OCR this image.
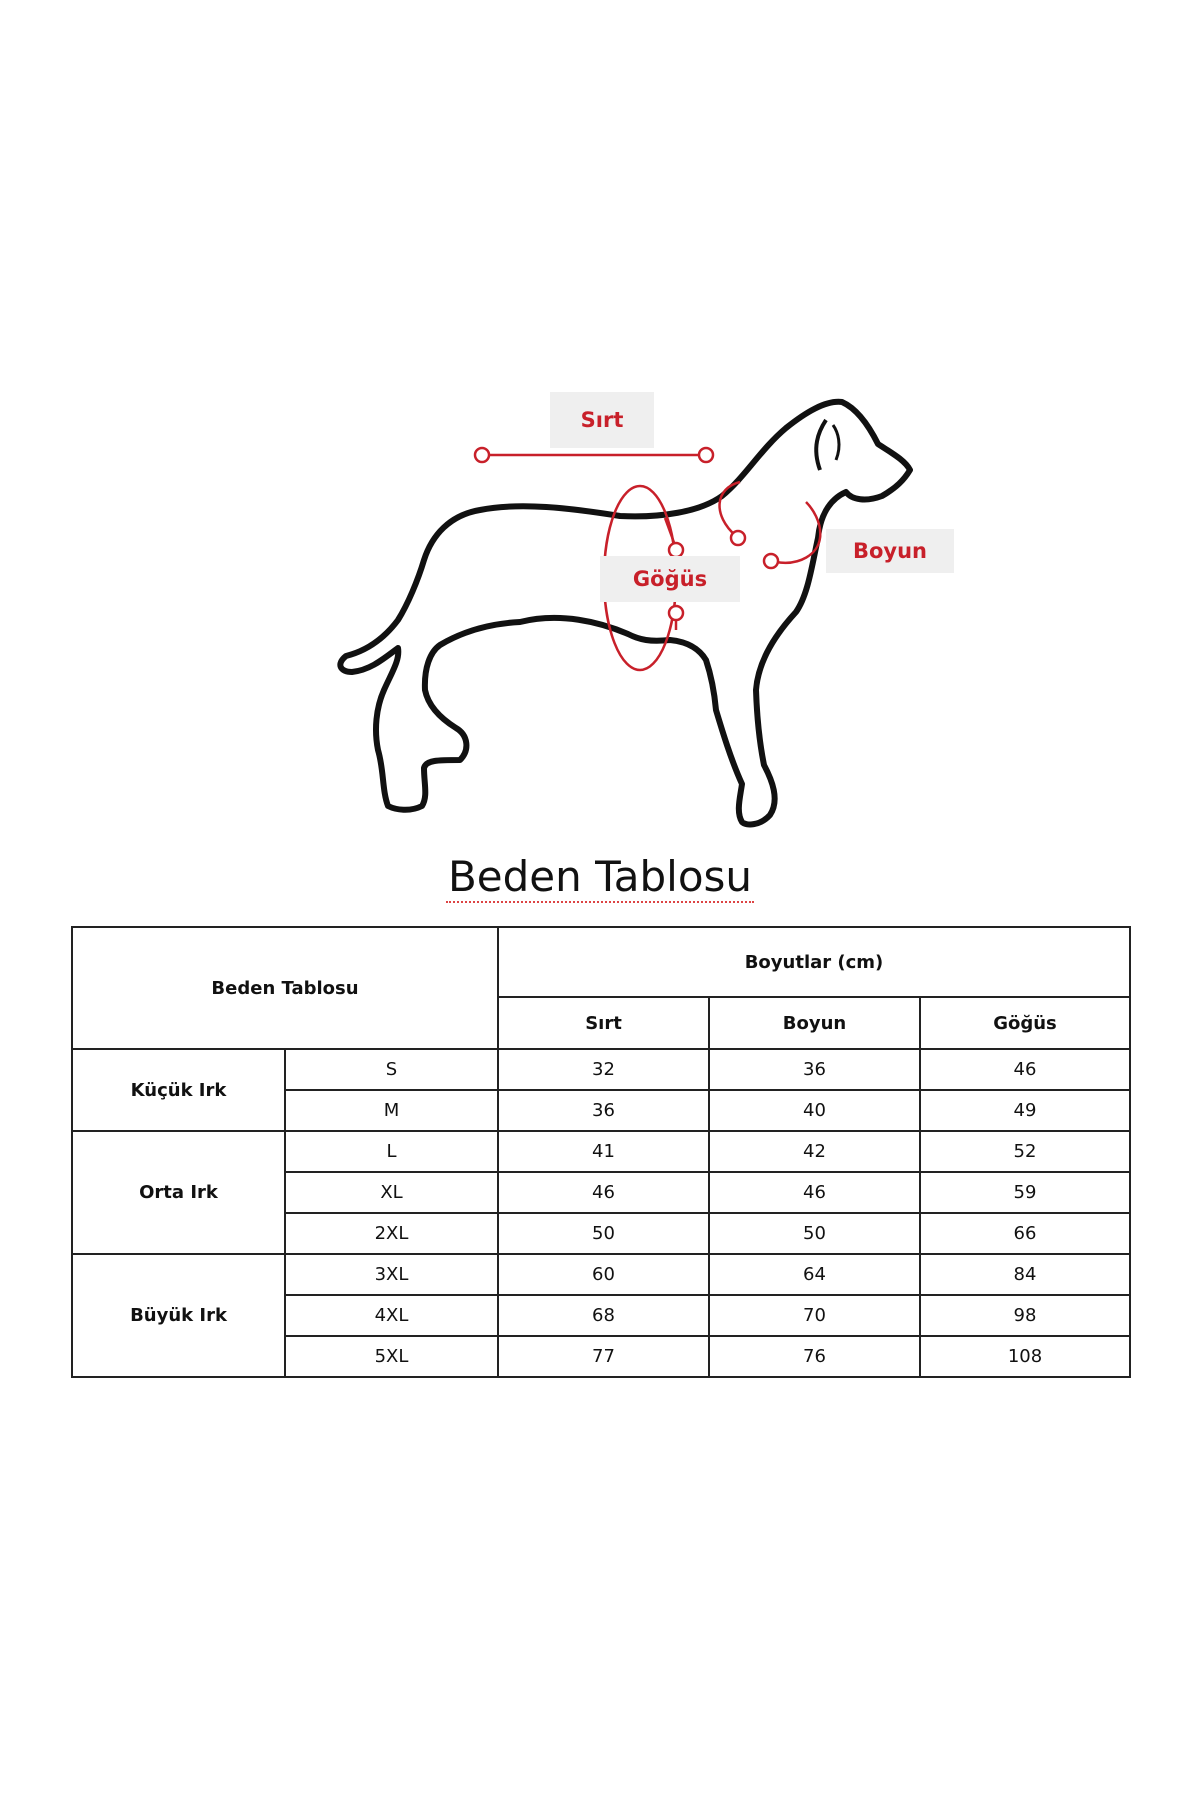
Sırt
Göğüs
Boyun
Beden Tablosu
Beden Tablosu		Boyutlar (cm)		
		Sırt	Boyun	Göğüs
Küçük Irk	S	32	36	46
	M	36	40	49
Orta Irk	L	41	42	52
	XL	46	46	59
	2XL	50	50	66
Büyük Irk	3XL	60	64	84
	4XL	68	70	98
	5XL	77	76	108
